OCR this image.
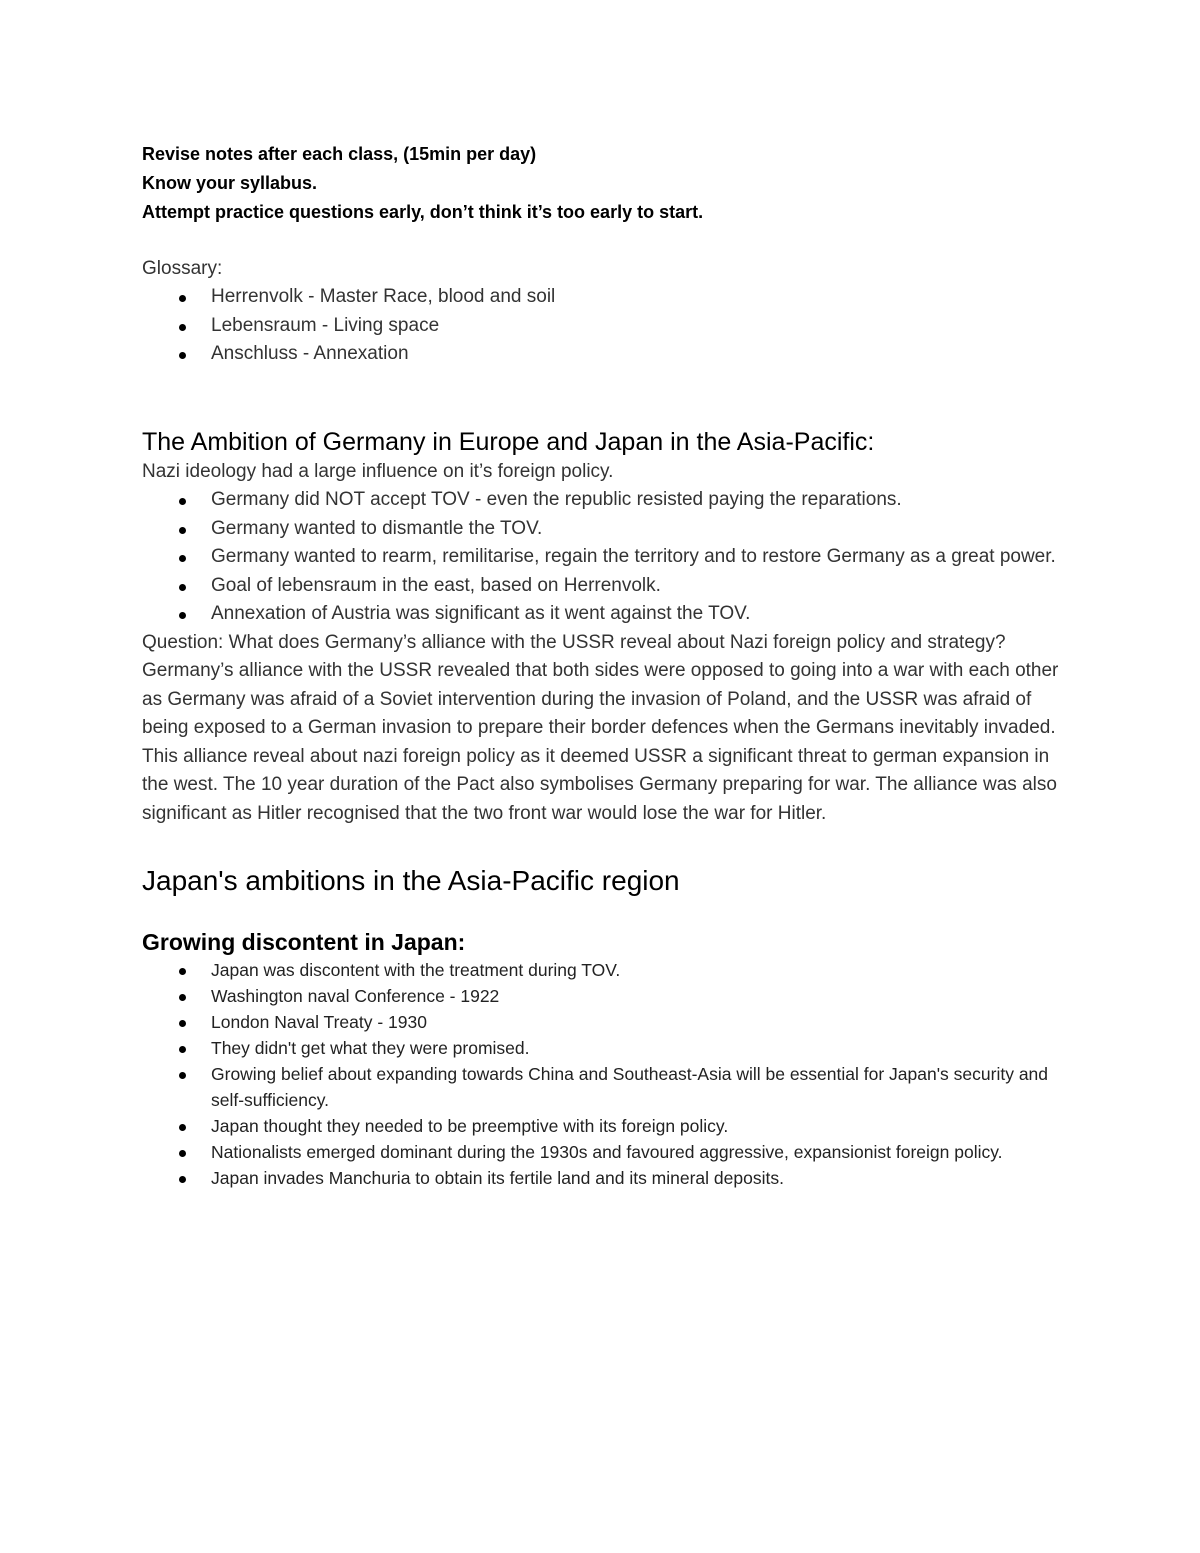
Revise notes after each class, (15min per day)

Know your syllabus.

Attempt practice questions early, don’t think it’s too early to start.

Glossary:

Herrenvolk - Master Race, blood and soil
Lebensraum - Living space
Anschluss - Annexation
The Ambition of Germany in Europe and Japan in the Asia-Pacific:

Nazi ideology had a large influence on it’s foreign policy.

Germany did NOT accept TOV - even the republic resisted paying the reparations.
Germany wanted to dismantle the TOV.
Germany wanted to rearm, remilitarise, regain the territory and to restore Germany as a great power.
Goal of lebensraum in the east, based on Herrenvolk.
Annexation of Austria was significant as it went against the TOV.

Question: What does Germany’s alliance with the USSR reveal about Nazi foreign policy and strategy?

Germany’s alliance with the USSR revealed that both sides were opposed to going into a war with each other as Germany was afraid of a Soviet intervention during the invasion of Poland, and the USSR was afraid of being exposed to a German invasion to prepare their border defences when the Germans inevitably invaded. This alliance reveal about nazi foreign policy as it deemed USSR a significant threat to german expansion in the west. The 10 year duration of the Pact also symbolises Germany preparing for war. The alliance was also significant as Hitler recognised that the two front war would lose the war for Hitler.

Japan's ambitions in the Asia-Pacific region
Growing discontent in Japan:
Japan was discontent with the treatment during TOV.
Washington naval Conference - 1922
London Naval Treaty - 1930
They didn't get what they were promised.
Growing belief about expanding towards China and Southeast-Asia will be essential for Japan's security and self-sufficiency.
Japan thought they needed to be preemptive with its foreign policy.
Nationalists emerged dominant during the 1930s and favoured aggressive, expansionist foreign policy.
Japan invades Manchuria to obtain its fertile land and its mineral deposits.
